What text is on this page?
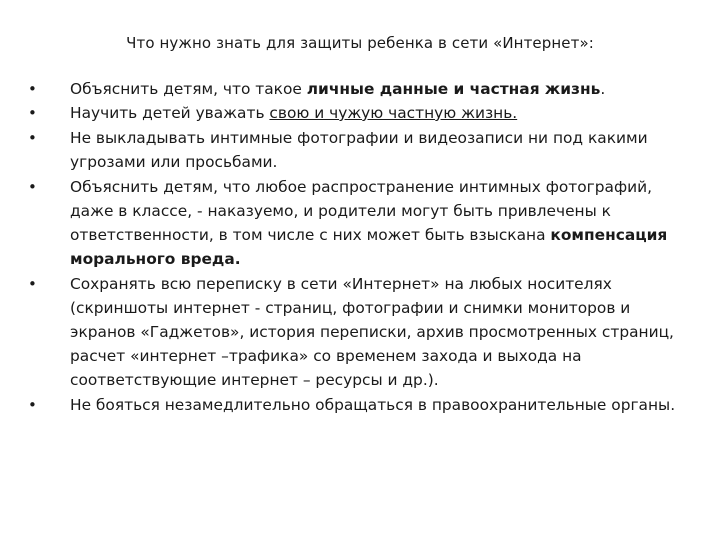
Что нужно знать для защиты ребенка в сети «Интернет»:
•	Объяснить детям, что такое личные данные и частная жизнь.
•	Научить детей уважать свою и чужую частную жизнь.
•	Не выкладывать интимные фотографии и видеозаписи ни под какими угрозами или просьбами.
•	Объяснить детям, что любое распространение интимных фотографий, даже в классе, - наказуемо, и родители могут быть привлечены к ответственности, в том числе с них может быть взыскана компенсация морального вреда.
•	Сохранять всю переписку в сети «Интернет» на любых носителях (скриншоты интернет - страниц, фотографии и снимки мониторов и экранов «Гаджетов», история переписки, архив просмотренных страниц, расчет «интернет –трафика» со временем захода и выхода на соответствующие интернет – ресурсы и др.).
•	Не бояться незамедлительно обращаться в правоохранительные органы.
